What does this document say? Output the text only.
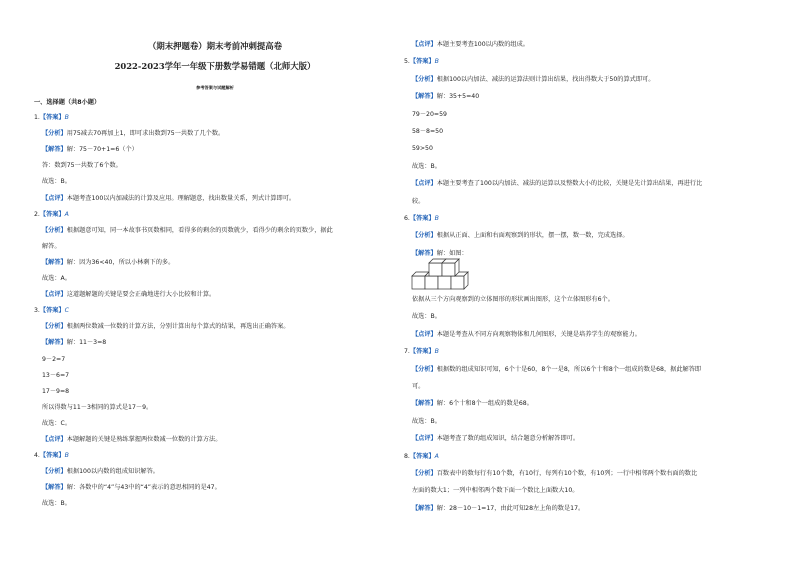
（期末押题卷）期末考前冲刺提高卷
2022-2023学年一年级下册数学易错题（北师大版）
参考答案与试题解析
一、选择题（共8小题）
1.【答案】B
【分析】用75减去70再加上1，即可求出数到75一共数了几个数。
【解答】解：75－70+1=6（个）
答：数到75一共数了6个数。
故选：B。
【点评】本题考查100以内加减法的计算及应用。理解题意，找出数量关系，列式计算即可。
2.【答案】A
【分析】根据题意可知，同一本故事书页数相同，看得多的剩余的页数就少，看得少的剩余的页数少，据此
解答。
【解答】解：因为36<40，所以小林剩下的多。
故选：A。
【点评】这道题解题的关键是要会正确地进行大小比较和计算。
3.【答案】C
【分析】根据两位数减一位数的计算方法，分别计算出每个算式的结果，再选出正确答案。
【解答】解：11－3=8
9－2=7
13－6=7
17－9=8
所以得数与11－3相同的算式是17－9。
故选：C。
【点评】本题解题的关键是熟练掌握两位数减一位数的计算方法。
4.【答案】B
【分析】根据100以内数的组成知识解答。
【解答】解：各数中的“4”与43中的“4”表示的意思相同的是47。
故选：B。
【点评】本题主要考查100以内数的组成。
5.【答案】B
【分析】根据100以内加法、减法的运算法则计算出结果，找出得数大于50的算式即可。
【解答】解：35+5=40
79－20=59
58－8=50
59>50
故选：B。
【点评】本题主要考查了100以内加法、减法的运算以及整数大小的比较，关键是先计算出结果，再进行比
较。
6.【答案】B
【分析】根据从正面、上面和右面观察到的形状，摆一摆，数一数，完成选择。
【解答】解：如图：
依据从三个方向观察到的立体图形的形状画出图形，这个立体图形有6个。
故选：B。
【点评】本题是考查从不同方向观察物体和几何图形，关键是培养学生的观察能力。
7.【答案】B
【分析】根据数的组成知识可知，6个十是60，8个一是8，所以6个十和8个一组成的数是68，据此解答即
可。
【解答】解：6个十和8个一组成的数是68。
故选：B。
【点评】本题考查了数的组成知识，结合题意分析解答即可。
8.【答案】A
【分析】百数表中的数每行有10个数，有10行，每列有10个数，有10列；一行中相邻两个数右面的数比
左面的数大1；一列中相邻两个数下面一个数比上面数大10。
【解答】解：28－10－1=17，由此可知28左上角的数是17。
